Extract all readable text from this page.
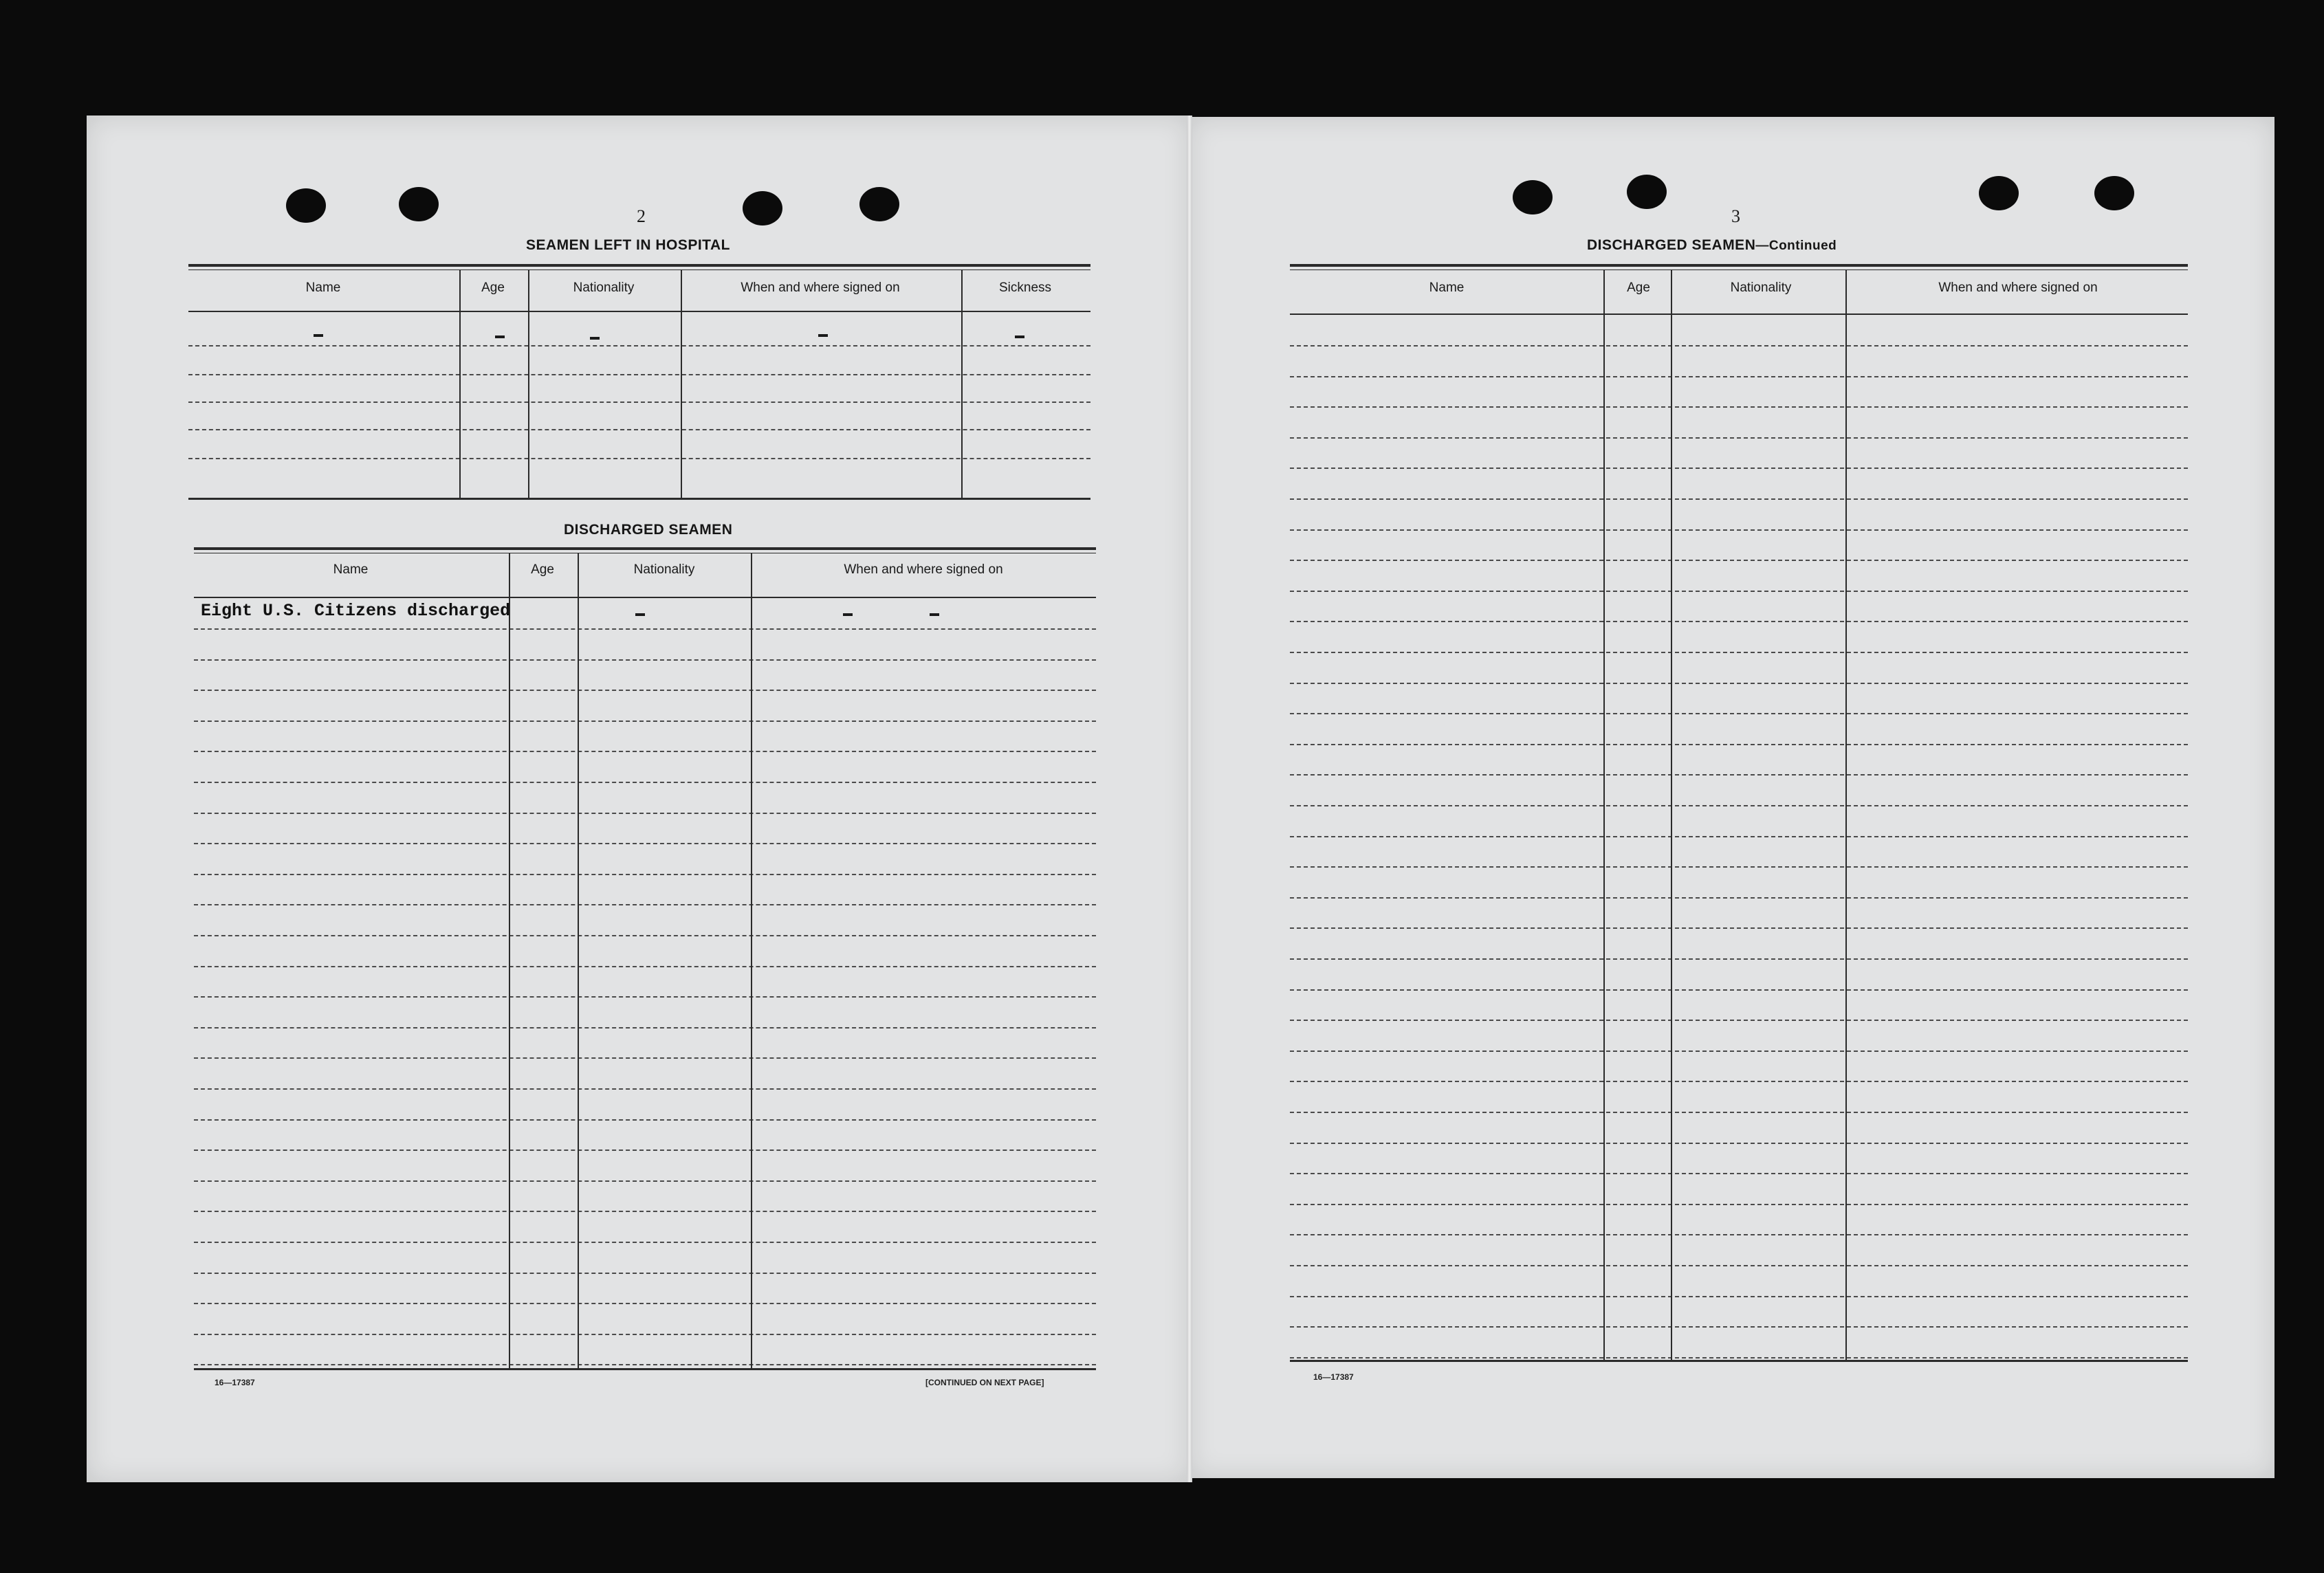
2
SEAMEN LEFT IN HOSPITAL
Name	Age	Nationality	When and where signed on	Sickness
DISCHARGED SEAMEN
Name	Age	Nationality	When and where signed on
Eight U.S. Citizens discharged
16—17387	[CONTINUED ON NEXT PAGE]
3
DISCHARGED SEAMEN—Continued
Name	Age	Nationality	When and where signed on
16—17387
